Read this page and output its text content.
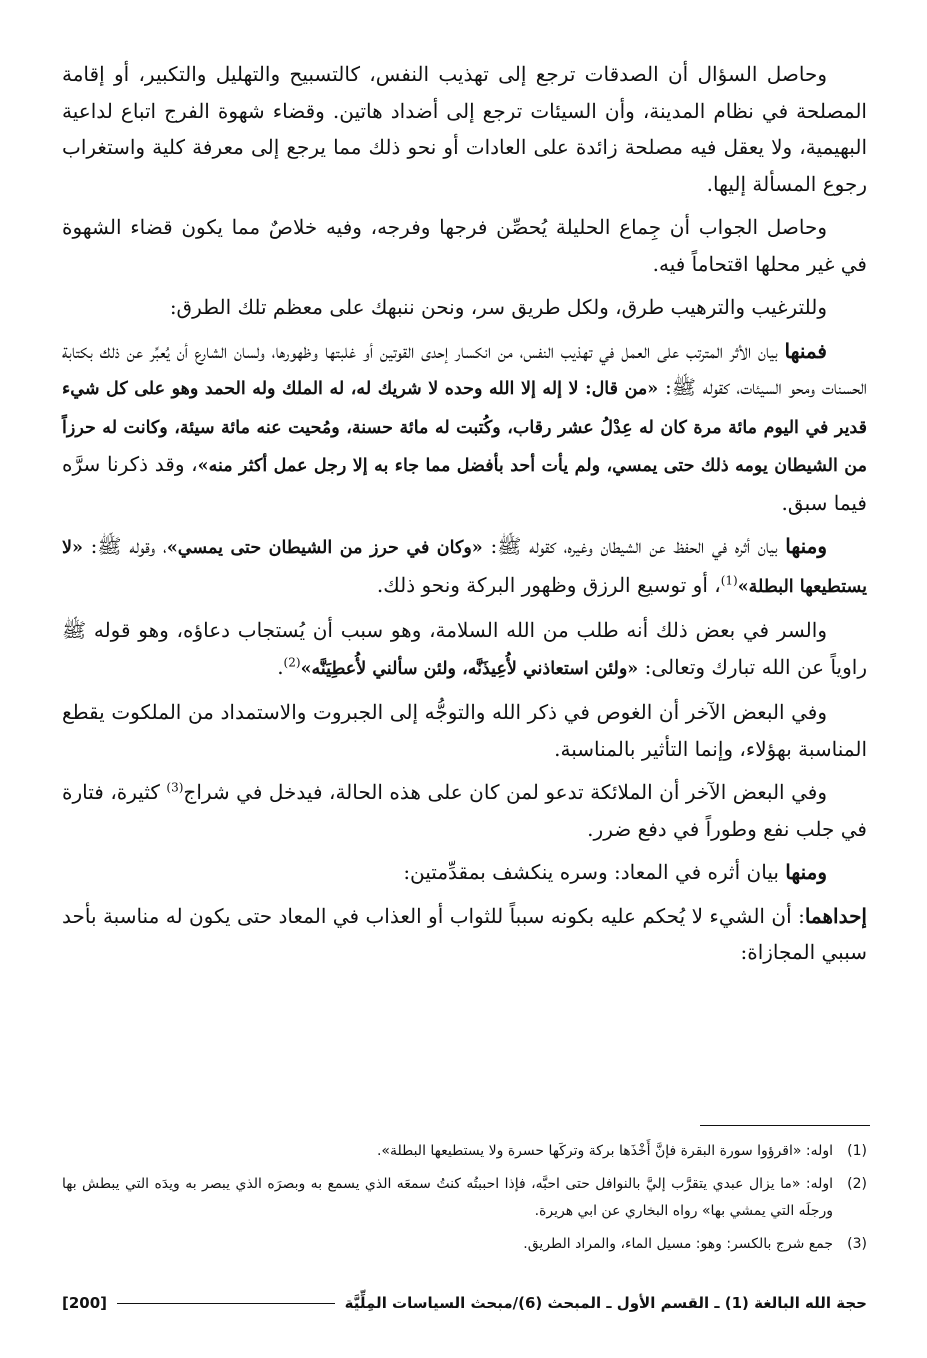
وحاصل السؤال أن الصدقات ترجع إلى تهذيب النفس، كالتسبيح والتهليل والتكبير، أو إقامة المصلحة في نظام المدينة، وأن السيئات ترجع إلى أضداد هاتين. وقضاء شهوة الفرج اتباع لداعية البهيمية، ولا يعقل فيه مصلحة زائدة على العادات أو نحو ذلك مما يرجع إلى معرفة كلية واستغراب رجوع المسألة إليها.

وحاصل الجواب أن جِماع الحليلة يُحصِّن فرجها وفرجه، وفيه خلاصٌ مما يكون قضاء الشهوة في غير محلها اقتحاماً فيه.

وللترغيب والترهيب طرق، ولكل طريق سر، ونحن ننبهك على معظم تلك الطرق:

فمنها بيان الأثر المترتب على العمل في تهذيب النفس، من انكسار إحدى القوتين أو غلبتها وظهورها، ولسان الشارع أن يُعبِّر عن ذلك بكتابة الحسنات ومحو السيئات، كقوله ﷺ: «من قال: لا إله إلا الله وحده لا شريك له، له الملك وله الحمد وهو على كل شيء قدير في اليوم مائة مرة كان له عِدْلُ عشر رقاب، وكُتبت له مائة حسنة، ومُحيت عنه مائة سيئة، وكانت له حرزاً من الشيطان يومه ذلك حتى يمسي، ولم يأت أحد بأفضل مما جاء به إلا رجل عمل أكثر منه»، وقد ذكرنا سرَّه فيما سبق.

ومنها بيان أثره في الحفظ عن الشيطان وغيره، كقوله ﷺ: «وكان في حرز من الشيطان حتى يمسي»، وقوله ﷺ: «لا يستطيعها البطلة»$^{(1)}$، أو توسيع الرزق وظهور البركة ونحو ذلك.

والسر في بعض ذلك أنه طلب من الله السلامة، وهو سبب أن يُستجاب دعاؤه، وهو قوله ﷺ راوياً عن الله تبارك وتعالى: «ولئن استعاذني لأُعِيذَنَّه، ولئن سألني لأُعطِيَنَّه»$^{(2)}$.

وفي البعض الآخر أن الغوص في ذكر الله والتوجُّه إلى الجبروت والاستمداد من الملكوت يقطع المناسبة بهؤلاء، وإنما التأثير بالمناسبة.

وفي البعض الآخر أن الملائكة تدعو لمن كان على هذه الحالة، فيدخل في شراج$^{(3)}$ كثيرة، فتارة في جلب نفع وطوراً في دفع ضرر.

ومنها بيان أثره في المعاد: وسره ينكشف بمقدِّمتين:

إحداهما: أن الشيء لا يُحكم عليه بكونه سبباً للثواب أو العذاب في المعاد حتى يكون له مناسبة بأحد سببي المجازاة:

(1)
اوله: «اقرؤوا سورة البقرة فإنَّ أَخْذَها بركة وتركَها حسرة ولا يستطيعها البطلة».
(2)
اوله: «ما يزال عبدي يتقرَّب إليَّ بالنوافل حتى احبَّه، فإذا احببتُه كنتُ سمعَه الذي يسمع به وبصرَه الذي يبصر به ويدَه التي يبطش بها ورجلَه التي يمشي بها» رواه البخاري عن ابي هريرة.
(3)
جمع شرج بالكسر: وهو: مسيل الماء، والمراد الطريق.
حجة الله البالغة (1) ـ القسم الأول ـ المبحث (6)/مبحث السياسات المِلِّيَّة
[200]
